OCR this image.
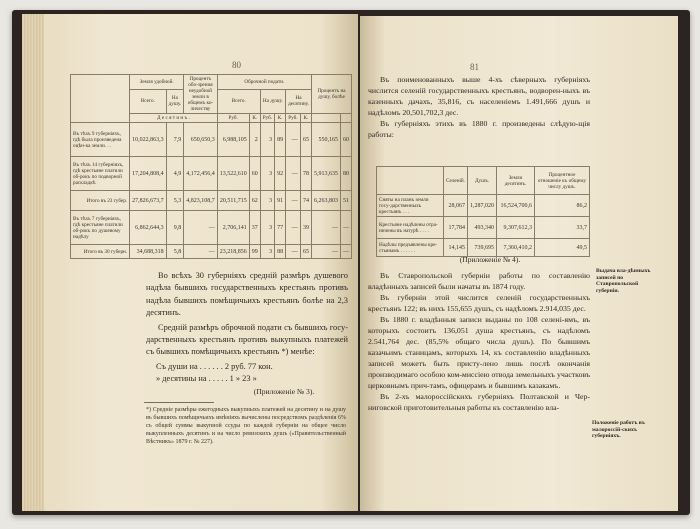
80
	Земля удобной.		Процентъ обо-зрения неудобной земли в общемъ ко-личеству	Оброчной подати.						Процентъ на душу, болѣе	
	Всего.	На душу.		Всего.		На душу.		На десятину.			
	Д е с я т и н ъ .			Руб.	К.	Руб.	К.	Руб.	К.		
Въ тѣхъ 9 губерніяхъ, гдѣ была произведена оцѣн-ка земли. . .	10,022,863,3	7,9	650,650,3	6,988,105	2	3	89	—	65	550,165	60
Въ тѣхъ 14 губерніяхъ, гдѣ крестьяне платили об-рокъ по подворной раскладкѣ	17,204,808,4	4,9	4,172,456,4	13,522,610	60	3	92	—	78	5,913,635	80
Итого въ 23 губер.	27,826,673,7	5,3	4,823,108,7	20,511,715	62	3	91	—	74	6,263,803	51
Въ тѣхъ 7 губерніяхъ, гдѣ крестьяне платили об-рокъ по душевому надѣлу	6,862,644,3	9,8	—	2,706,141	37	3	77	—	39	—	—
Итого въ 30 губерн.	34,688,318	5,8	—	23,218,856	99	3	88	—	65	—	—

Во всѣхъ 30 губерніяхъ средній размѣръ душевого надѣла бывшихъ государственныхъ крестьянъ противъ надѣла бывшихъ помѣщичьихъ крестьянъ болѣе на 2,3 десятинъ.

Средній размѣръ оброчной подати съ бывшихъ госу-дарственныхъ крестьянъ противъ выкупныхъ платежей съ бывшихъ помѣщичьихъ крестьянъ *) менѣе:

Съ души на . . . . . . 2 руб. 77 кон.
» десятины на . . . . . 1 » 23 »
(Приложеніе № 3).
*) Средніе размѣры ежегодныхъ выкупныхъ платежей на десятину и на душу въ бывшихъ помѣщичьихъ имѣніяхъ вычислены посредствомъ раздѣленія 6% съ общей суммы выкупной ссуды по каждой губерніи на общее число выкупленныхъ десятинъ и на число ревизскихъ душъ («Правительственный Вѣстникъ» 1879 г. № 227).
81

Въ поименованныхъ выше 4-хъ сѣверныхъ губерніяхъ числится селеній государственныхъ крестьянъ, водворен-ныхъ въ казенныхъ дачахъ, 35,816, съ населеніемъ 1.491,666 душъ и надѣломъ 20,501,702,3 дес.

Въ губерніяхъ этихъ въ 1880 г. произведены слѣдую-щія работы:

	Селеній.	Душъ.	Земли десятинъ.	Процентное отношеніе къ общему числу душъ.
Сняты на планъ земли госу-дарственныхъ крестьянъ . . .	28,067	1,287,020	16,524,700,6	86,2
Крестьяне надѣлены отра-ничены въ натурѣ . . . .	17,784	493,340	9,307,612,3	33,7
Надѣлы предъявлены кре-стьянамъ . . . . . .	14,145	739,695	7,360,410,2	49,5
(Приложеніе № 4).

Въ Ставропольской губерніи работы по составленію владѣнныхъ записей были начаты въ 1874 году.

Въ губерніи этой числится селеній государственныхъ крестьянъ 122; въ нихъ 155,655 душъ, съ надѣломъ 2.914,035 дес.

Въ 1880 г. владѣнныя записи выданы по 108 селені-ямъ, въ которыхъ состоитъ 136,051 душа крестьянъ, съ надѣломъ 2.541,764 дес. (85,5% общаго числа душъ). По бывшимъ казачьимъ станицамъ, которыхъ 14, къ составленію владѣнныхъ записей можетъ быть присту-лено лишь послѣ окончанія производимаго особою ком-миссіею отвода земельныхъ участковъ церковнымъ прич-тамъ, офицерамъ и бывшимъ казакамъ.

Въ 2-хъ малороссійскихъ губерніяхъ Полтавской и Чер-ниговской приготовительныя работы къ составленію вла-

Выдача вла-дѣнныхъ записей по Ставропольской губерніи.
Положеніе работъ въ малороссій-скихъ губерніяхъ.
